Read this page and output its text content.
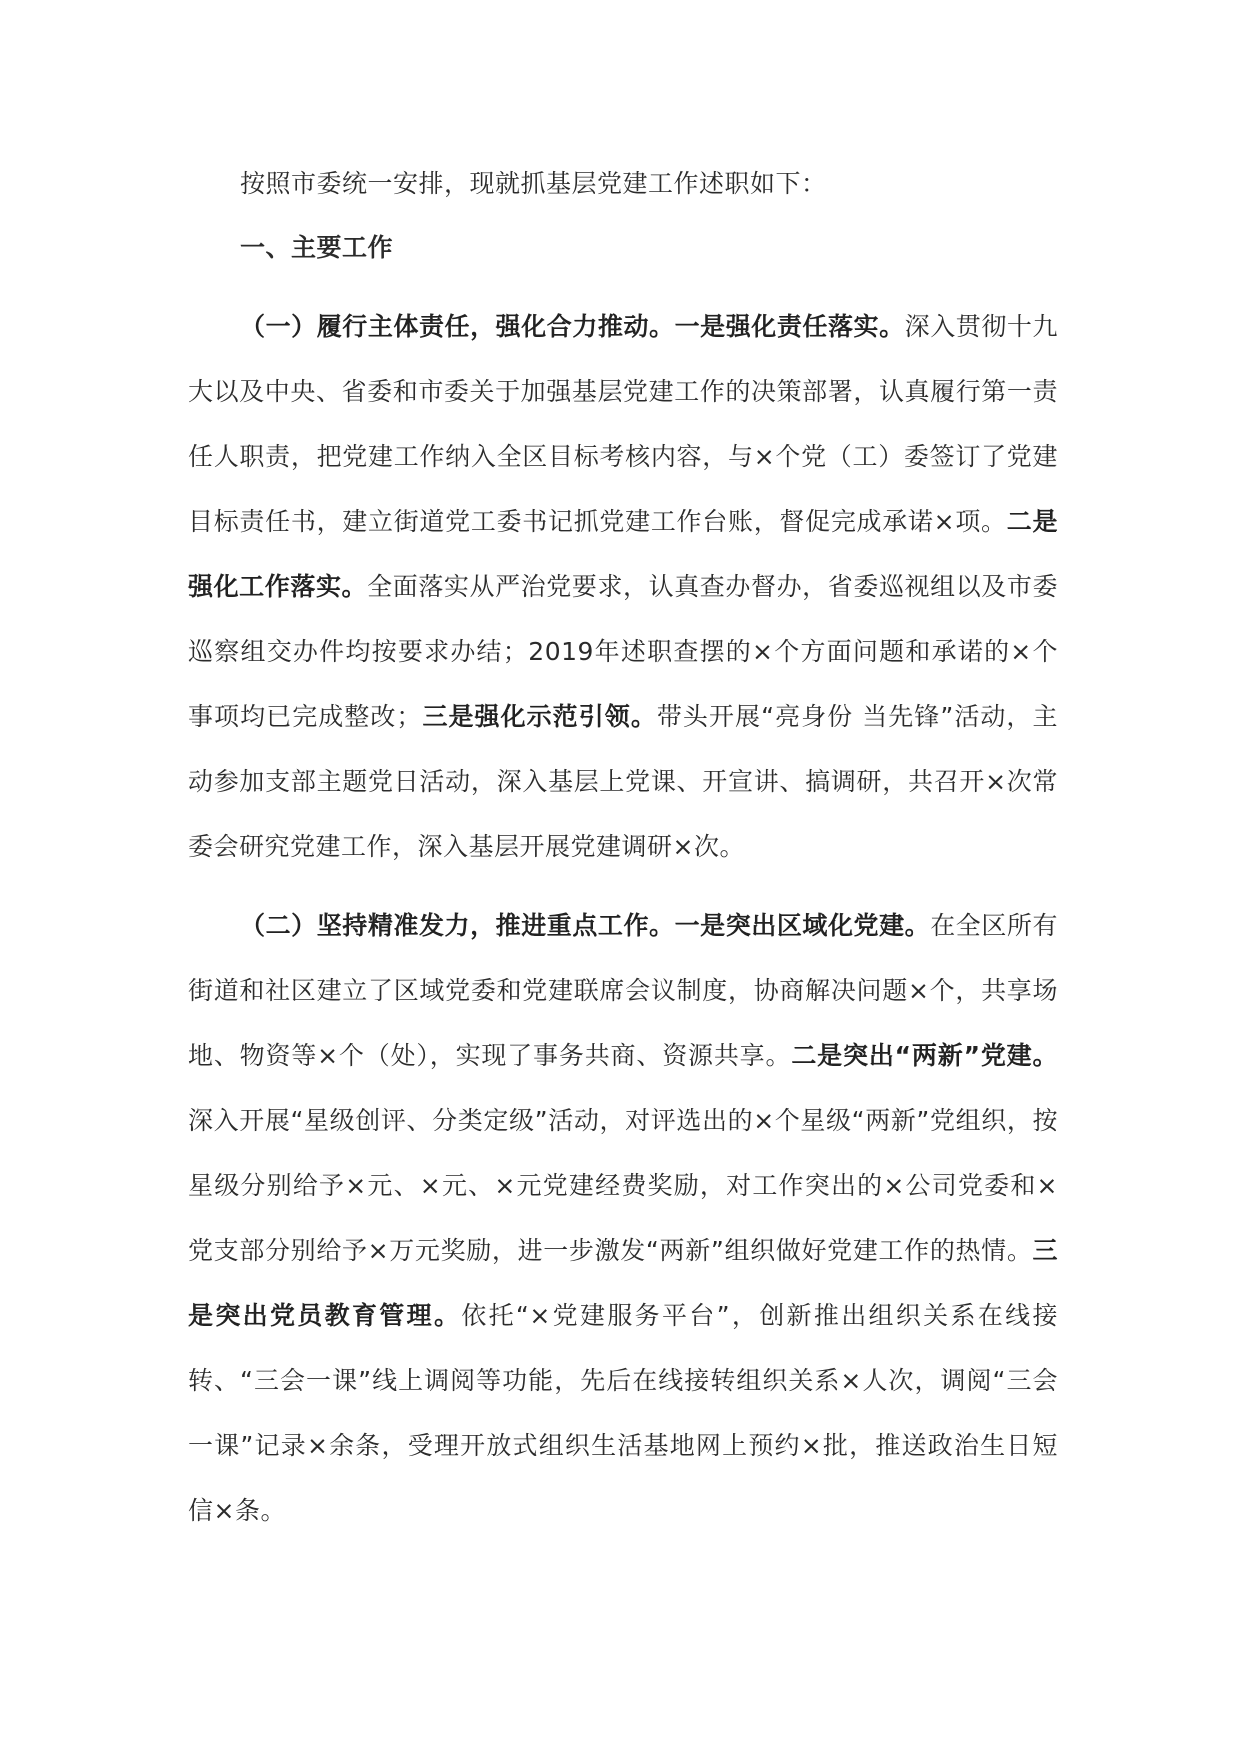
按照市委统一安排，现就抓基层党建工作述职如下：

一、主要工作

（一）履行主体责任，强化合力推动。一是强化责任落实。深入贯彻十九大以及中央、省委和市委关于加强基层党建工作的决策部署，认真履行第一责任人职责，把党建工作纳入全区目标考核内容，与×个党（工）委签订了党建目标责任书，建立街道党工委书记抓党建工作台账，督促完成承诺×项。二是强化工作落实。全面落实从严治党要求，认真查办督办，省委巡视组以及市委巡察组交办件均按要求办结；2019年述职查摆的×个方面问题和承诺的×个事项均已完成整改；三是强化示范引领。带头开展“亮身份 当先锋”活动，主动参加支部主题党日活动，深入基层上党课、开宣讲、搞调研，共召开×次常委会研究党建工作，深入基层开展党建调研×次。

（二）坚持精准发力，推进重点工作。一是突出区域化党建。在全区所有街道和社区建立了区域党委和党建联席会议制度，协商解决问题×个，共享场地、物资等×个（处），实现了事务共商、资源共享。二是突出“两新”党建。深入开展“星级创评、分类定级”活动，对评选出的×个星级“两新”党组织，按星级分别给予×元、×元、×元党建经费奖励，对工作突出的×公司党委和×党支部分别给予×万元奖励，进一步激发“两新”组织做好党建工作的热情。三是突出党员教育管理。依托“×党建服务平台”，创新推出组织关系在线接转、“三会一课”线上调阅等功能，先后在线接转组织关系×人次，调阅“三会一课”记录×余条，受理开放式组织生活基地网上预约×批，推送政治生日短信×条。
